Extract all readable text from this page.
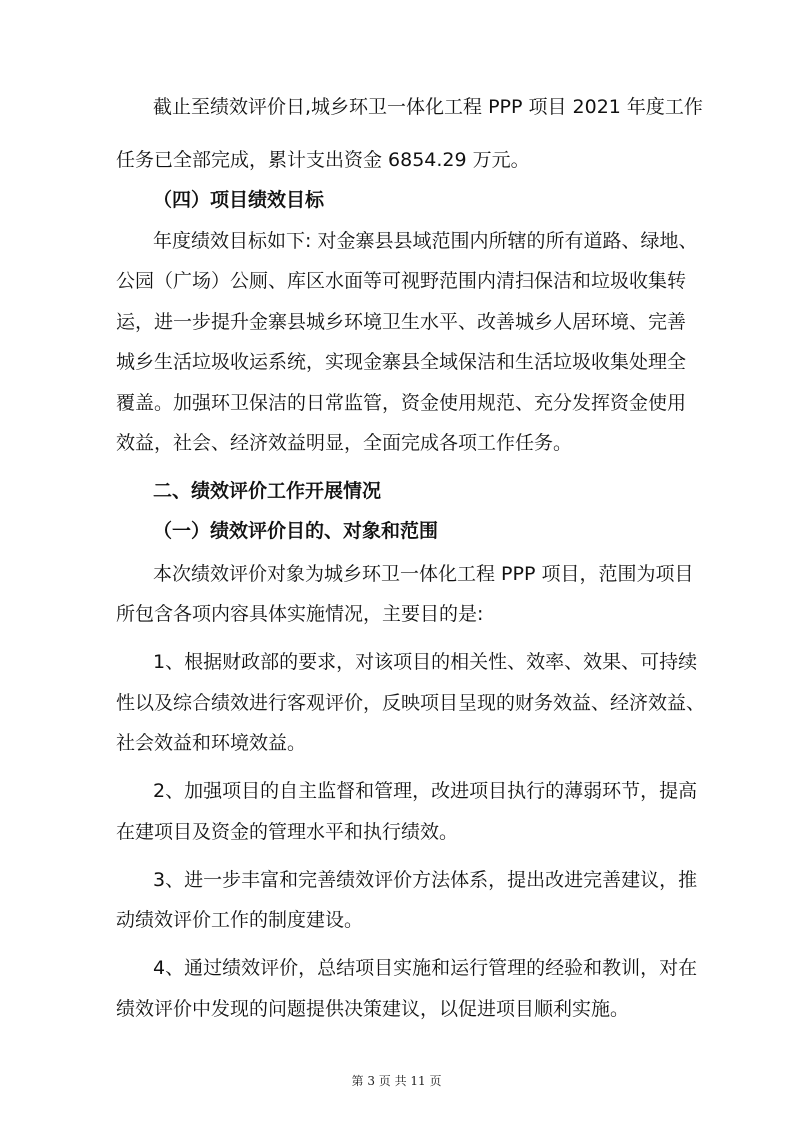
截止至绩效评价日,城乡环卫一体化工程 PPP 项目 2021 年度工作
任务已全部完成，累计支出资金 6854.29 万元。
（四）项目绩效目标
年度绩效目标如下: 对金寨县县域范围内所辖的所有道路、绿地、
公园（广场）公厕、库区水面等可视野范围内清扫保洁和垃圾收集转
运，进一步提升金寨县城乡环境卫生水平、改善城乡人居环境、完善
城乡生活垃圾收运系统，实现金寨县全域保洁和生活垃圾收集处理全
覆盖。加强环卫保洁的日常监管，资金使用规范、充分发挥资金使用
效益，社会、经济效益明显，全面完成各项工作任务。
二、绩效评价工作开展情况
（一）绩效评价目的、对象和范围
本次绩效评价对象为城乡环卫一体化工程 PPP 项目，范围为项目
所包含各项内容具体实施情况，主要目的是:
1、根据财政部的要求，对该项目的相关性、效率、效果、可持续
性以及综合绩效进行客观评价，反映项目呈现的财务效益、经济效益、
社会效益和环境效益。
2、加强项目的自主监督和管理，改进项目执行的薄弱环节，提高
在建项目及资金的管理水平和执行绩效。
3、进一步丰富和完善绩效评价方法体系，提出改进完善建议，推
动绩效评价工作的制度建设。
4、通过绩效评价，总结项目实施和运行管理的经验和教训，对在
绩效评价中发现的问题提供决策建议，以促进项目顺利实施。
第 3 页 共 11 页
